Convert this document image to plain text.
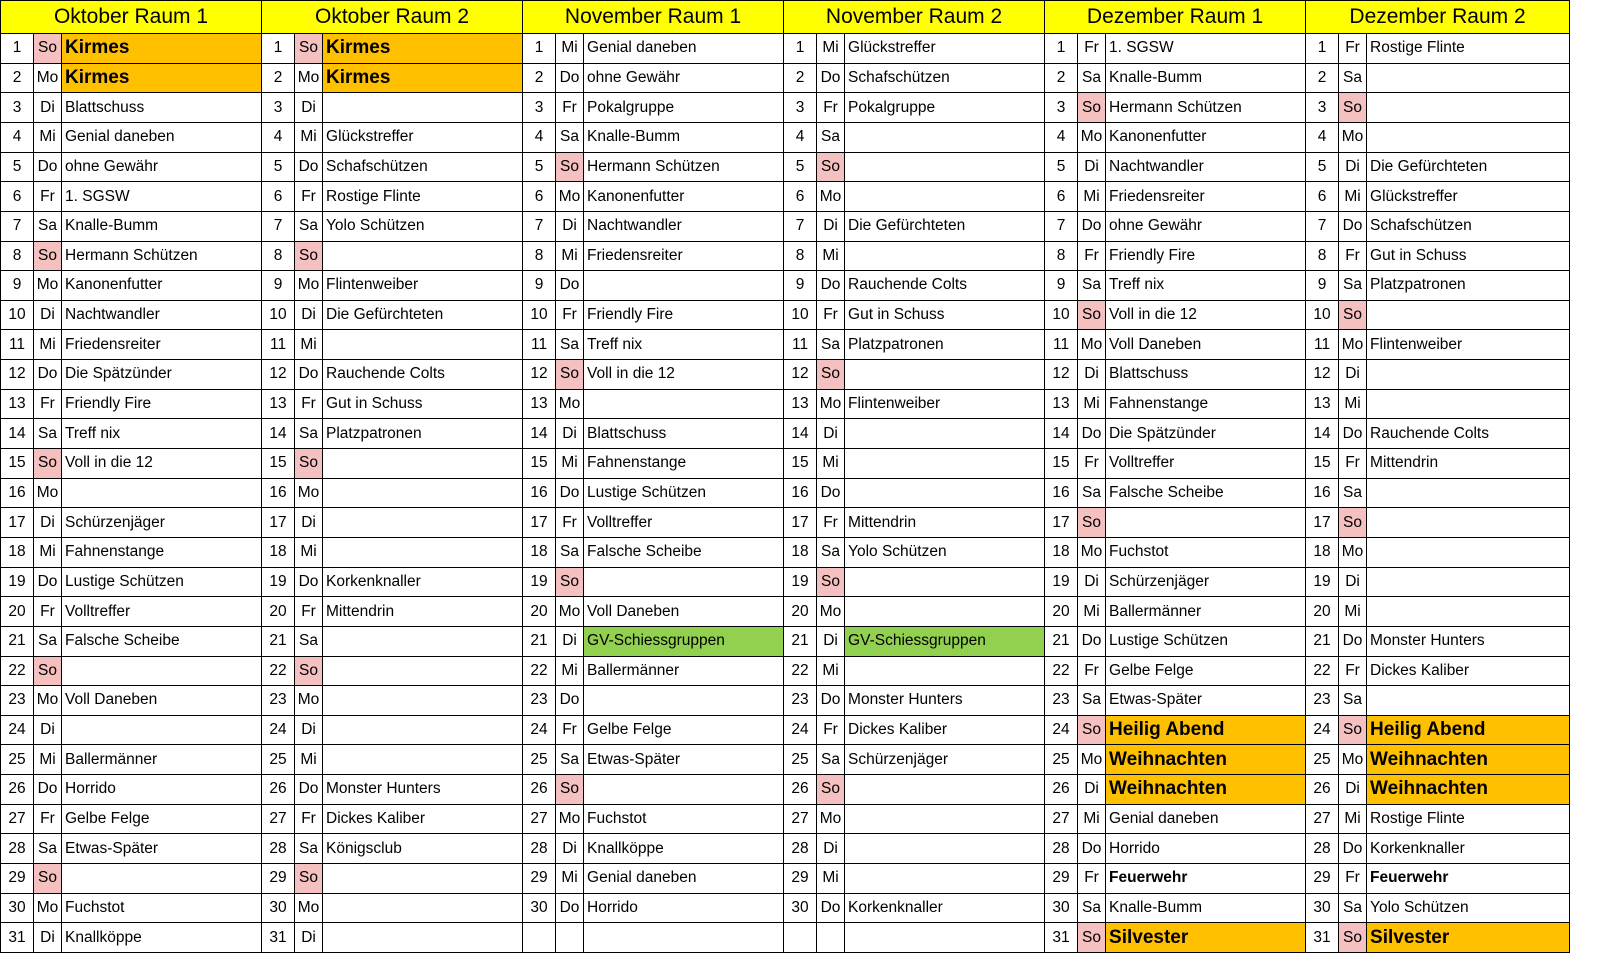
Oktober Raum 1			Oktober Raum 2			November Raum 1			November Raum 2			Dezember Raum 1			Dezember Raum 2		
1	So	Kirmes	1	So	Kirmes	1	Mi	Genial daneben	1	Mi	Glückstreffer	1	Fr	1. SGSW	1	Fr	Rostige Flinte
2	Mo	Kirmes	2	Mo	Kirmes	2	Do	ohne Gewähr	2	Do	Schafschützen	2	Sa	Knalle-Bumm	2	Sa	
3	Di	Blattschuss	3	Di		3	Fr	Pokalgruppe	3	Fr	Pokalgruppe	3	So	Hermann Schützen	3	So	
4	Mi	Genial daneben	4	Mi	Glückstreffer	4	Sa	Knalle-Bumm	4	Sa		4	Mo	Kanonenfutter	4	Mo	
5	Do	ohne Gewähr	5	Do	Schafschützen	5	So	Hermann Schützen	5	So		5	Di	Nachtwandler	5	Di	Die Gefürchteten
6	Fr	1. SGSW	6	Fr	Rostige Flinte	6	Mo	Kanonenfutter	6	Mo		6	Mi	Friedensreiter	6	Mi	Glückstreffer
7	Sa	Knalle-Bumm	7	Sa	Yolo Schützen	7	Di	Nachtwandler	7	Di	Die Gefürchteten	7	Do	ohne Gewähr	7	Do	Schafschützen
8	So	Hermann Schützen	8	So		8	Mi	Friedensreiter	8	Mi		8	Fr	Friendly Fire	8	Fr	Gut in Schuss
9	Mo	Kanonenfutter	9	Mo	Flintenweiber	9	Do		9	Do	Rauchende Colts	9	Sa	Treff nix	9	Sa	Platzpatronen
10	Di	Nachtwandler	10	Di	Die Gefürchteten	10	Fr	Friendly Fire	10	Fr	Gut in Schuss	10	So	Voll in die 12	10	So	
11	Mi	Friedensreiter	11	Mi		11	Sa	Treff nix	11	Sa	Platzpatronen	11	Mo	Voll Daneben	11	Mo	Flintenweiber
12	Do	Die Spätzünder	12	Do	Rauchende Colts	12	So	Voll in die 12	12	So		12	Di	Blattschuss	12	Di	
13	Fr	Friendly Fire	13	Fr	Gut in Schuss	13	Mo		13	Mo	Flintenweiber	13	Mi	Fahnenstange	13	Mi	
14	Sa	Treff nix	14	Sa	Platzpatronen	14	Di	Blattschuss	14	Di		14	Do	Die Spätzünder	14	Do	Rauchende Colts
15	So	Voll in die 12	15	So		15	Mi	Fahnenstange	15	Mi		15	Fr	Volltreffer	15	Fr	Mittendrin
16	Mo		16	Mo		16	Do	Lustige Schützen	16	Do		16	Sa	Falsche Scheibe	16	Sa	
17	Di	Schürzenjäger	17	Di		17	Fr	Volltreffer	17	Fr	Mittendrin	17	So		17	So	
18	Mi	Fahnenstange	18	Mi		18	Sa	Falsche Scheibe	18	Sa	Yolo Schützen	18	Mo	Fuchstot	18	Mo	
19	Do	Lustige Schützen	19	Do	Korkenknaller	19	So		19	So		19	Di	Schürzenjäger	19	Di	
20	Fr	Volltreffer	20	Fr	Mittendrin	20	Mo	Voll Daneben	20	Mo		20	Mi	Ballermänner	20	Mi	
21	Sa	Falsche Scheibe	21	Sa		21	Di	GV-Schiessgruppen	21	Di	GV-Schiessgruppen	21	Do	Lustige Schützen	21	Do	Monster Hunters
22	So		22	So		22	Mi	Ballermänner	22	Mi		22	Fr	Gelbe Felge	22	Fr	Dickes Kaliber
23	Mo	Voll Daneben	23	Mo		23	Do		23	Do	Monster Hunters	23	Sa	Etwas-Später	23	Sa	
24	Di		24	Di		24	Fr	Gelbe Felge	24	Fr	Dickes Kaliber	24	So	Heilig Abend	24	So	Heilig Abend
25	Mi	Ballermänner	25	Mi		25	Sa	Etwas-Später	25	Sa	Schürzenjäger	25	Mo	Weihnachten	25	Mo	Weihnachten
26	Do	Horrido	26	Do	Monster Hunters	26	So		26	So		26	Di	Weihnachten	26	Di	Weihnachten
27	Fr	Gelbe Felge	27	Fr	Dickes Kaliber	27	Mo	Fuchstot	27	Mo		27	Mi	Genial daneben	27	Mi	Rostige Flinte
28	Sa	Etwas-Später	28	Sa	Königsclub	28	Di	Knallköppe	28	Di		28	Do	Horrido	28	Do	Korkenknaller
29	So		29	So		29	Mi	Genial daneben	29	Mi		29	Fr	Feuerwehr	29	Fr	Feuerwehr
30	Mo	Fuchstot	30	Mo		30	Do	Horrido	30	Do	Korkenknaller	30	Sa	Knalle-Bumm	30	Sa	Yolo Schützen
31	Di	Knallköppe	31	Di								31	So	Silvester	31	So	Silvester
